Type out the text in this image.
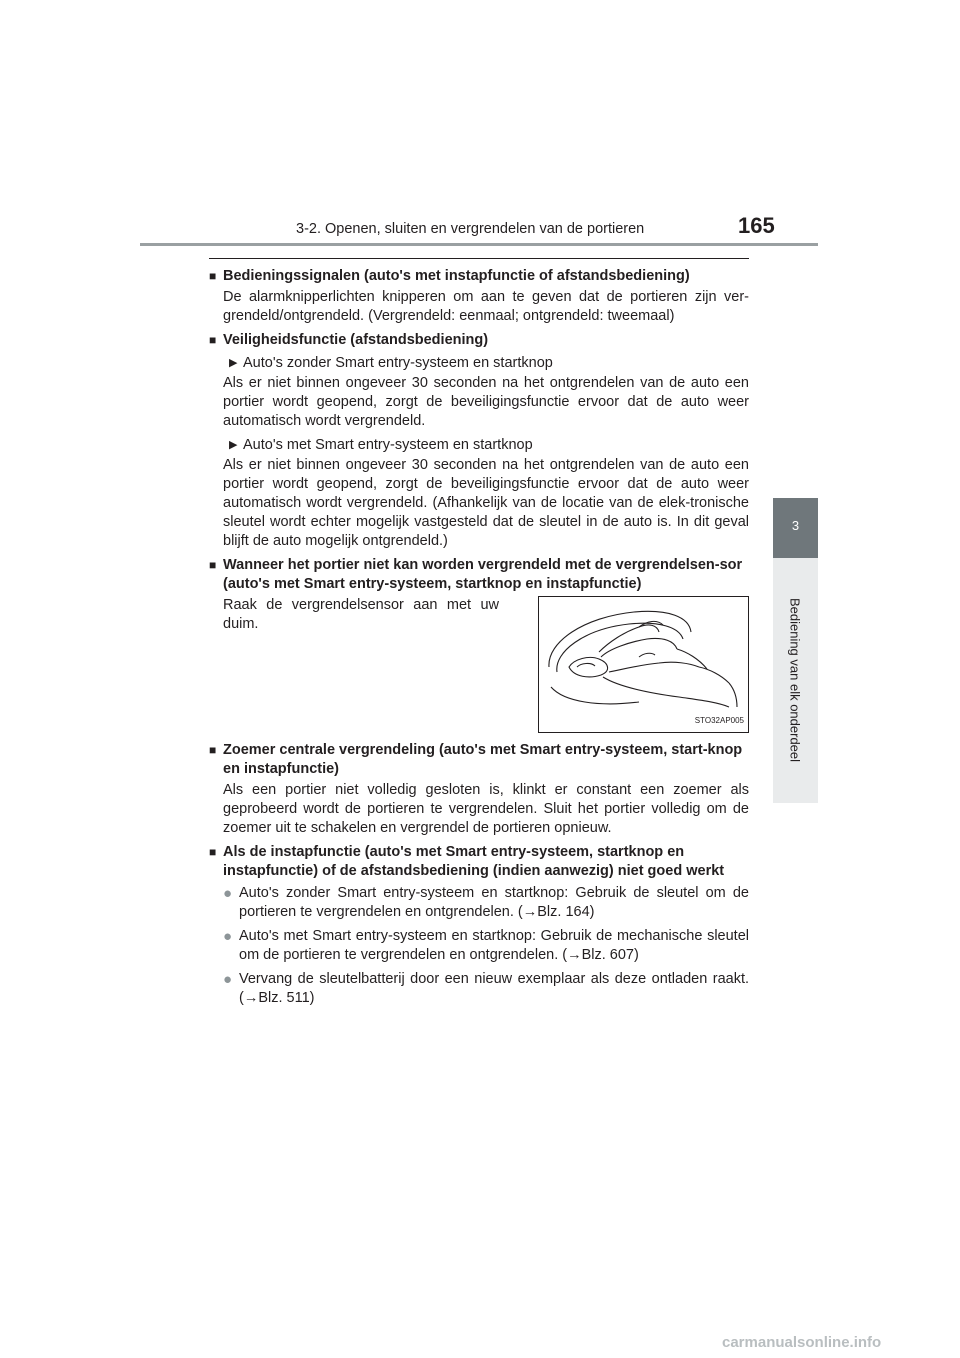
3-2. Openen, sluiten en vergrendelen van de portieren	165
3
Bediening van elk onderdeel
■ Bedieningssignalen (auto's met instapfunctie of afstandsbediening)
De alarmknipperlichten knipperen om aan te geven dat de portieren zijn ver-grendeld/ontgrendeld. (Vergrendeld: eenmaal; ontgrendeld: tweemaal)
■ Veiligheidsfunctie (afstandsbediening)
▶ Auto's zonder Smart entry-systeem en startknop
Als er niet binnen ongeveer 30 seconden na het ontgrendelen van de auto een portier wordt geopend, zorgt de beveiligingsfunctie ervoor dat de auto weer automatisch wordt vergrendeld.
▶ Auto's met Smart entry-systeem en startknop
Als er niet binnen ongeveer 30 seconden na het ontgrendelen van de auto een portier wordt geopend, zorgt de beveiligingsfunctie ervoor dat de auto weer automatisch wordt vergrendeld. (Afhankelijk van de locatie van de elek-tronische sleutel wordt echter mogelijk vastgesteld dat de sleutel in de auto is. In dit geval blijft de auto mogelijk ontgrendeld.)
■ Wanneer het portier niet kan worden vergrendeld met de vergrendelsen-sor (auto's met Smart entry-systeem, startknop en instapfunctie)
Raak de vergrendelsensor aan met uw duim.
STO32AP005
■ Zoemer centrale vergrendeling (auto's met Smart entry-systeem, start-knop en instapfunctie)
Als een portier niet volledig gesloten is, klinkt er constant een zoemer als geprobeerd wordt de portieren te vergrendelen. Sluit het portier volledig om de zoemer uit te schakelen en vergrendel de portieren opnieuw.
■ Als de instapfunctie (auto's met Smart entry-systeem, startknop en instapfunctie) of de afstandsbediening (indien aanwezig) niet goed werkt
● Auto's zonder Smart entry-systeem en startknop: Gebruik de sleutel om de portieren te vergrendelen en ontgrendelen. (→Blz. 164)
● Auto's met Smart entry-systeem en startknop: Gebruik de mechanische sleutel om de portieren te vergrendelen en ontgrendelen. (→Blz. 607)
● Vervang de sleutelbatterij door een nieuw exemplaar als deze ontladen raakt. (→Blz. 511)
carmanualsonline.info
